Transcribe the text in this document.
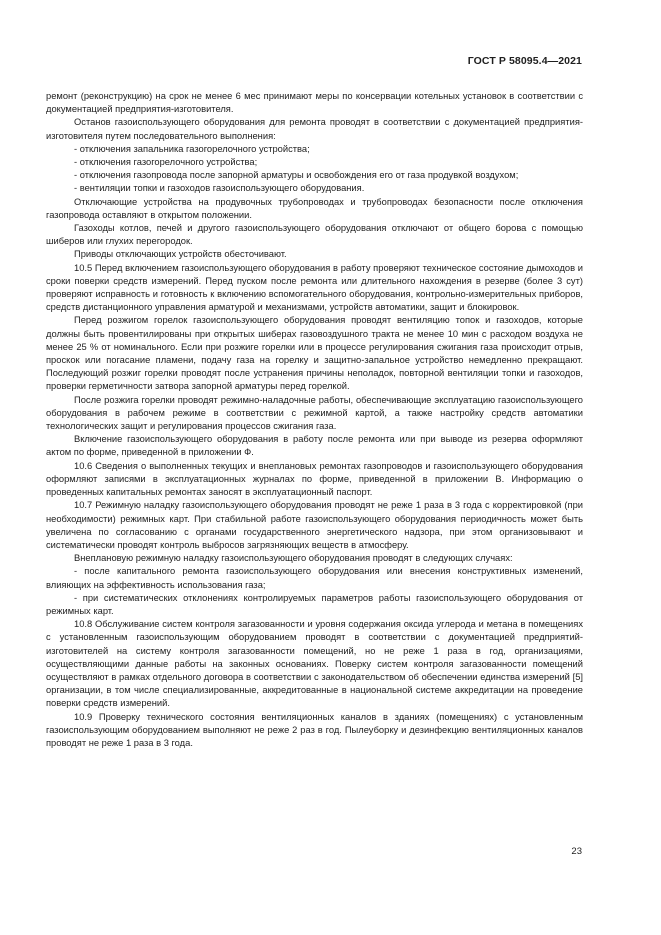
ГОСТ Р 58095.4—2021

ремонт (реконструкцию) на срок не менее 6 мес принимают меры по консервации котельных установок в соответствии с документацией предприятия-изготовителя.

Останов газоиспользующего оборудования для ремонта проводят в соответствии с документацией предприятия-изготовителя путем последовательного выполнения:

- отключения запальника газогорелочного устройства;

- отключения газогорелочного устройства;

- отключения газопровода после запорной арматуры и освобождения его от газа продувкой воздухом;

- вентиляции топки и газоходов газоиспользующего оборудования.

Отключающие устройства на продувочных трубопроводах и трубопроводах безопасности после отключения газопровода оставляют в открытом положении.

Газоходы котлов, печей и другого газоиспользующего оборудования отключают от общего борова с помощью шиберов или глухих перегородок.

Приводы отключающих устройств обесточивают.

10.5 Перед включением газоиспользующего оборудования в работу проверяют техническое состояние дымоходов и сроки поверки средств измерений. Перед пуском после ремонта или длительного нахождения в резерве (более 3 сут) проверяют исправность и готовность к включению вспомогательного оборудования, контрольно-измерительных приборов, средств дистанционного управления арматурой и механизмами, устройств автоматики, защит и блокировок.

Перед розжигом горелок газоиспользующего оборудования проводят вентиляцию топок и газоходов, которые должны быть провентилированы при открытых шиберах газовоздушного тракта не менее 10 мин с расходом воздуха не менее 25 % от номинального. Если при розжиге горелки или в процессе регулирования сжигания газа происходит отрыв, проскок или погасание пламени, подачу газа на горелку и защитно-запальное устройство немедленно прекращают. Последующий розжиг горелки проводят после устранения причины неполадок, повторной вентиляции топки и газоходов, проверки герметичности затвора запорной арматуры перед горелкой.

После розжига горелки проводят режимно-наладочные работы, обеспечивающие эксплуатацию газоиспользующего оборудования в рабочем режиме в соответствии с режимной картой, а также настройку средств автоматики технологических защит и регулирования процессов сжигания газа.

Включение газоиспользующего оборудования в работу после ремонта или при выводе из резерва оформляют актом по форме, приведенной в приложении Ф.

10.6 Сведения о выполненных текущих и внеплановых ремонтах газопроводов и газоиспользующего оборудования оформляют записями в эксплуатационных журналах по форме, приведенной в приложении В. Информацию о проведенных капитальных ремонтах заносят в эксплуатационный паспорт.

10.7 Режимную наладку газоиспользующего оборудования проводят не реже 1 раза в 3 года с корректировкой (при необходимости) режимных карт. При стабильной работе газоиспользующего оборудования периодичность может быть увеличена по согласованию с органами государственного энергетического надзора, при этом организовывают и систематически проводят контроль выбросов загрязняющих веществ в атмосферу.

Внеплановую режимную наладку газоиспользующего оборудования проводят в следующих случаях:

- после капитального ремонта газоиспользующего оборудования или внесения конструктивных изменений, влияющих на эффективность использования газа;

- при систематических отклонениях контролируемых параметров работы газоиспользующего оборудования от режимных карт.

10.8 Обслуживание систем контроля загазованности и уровня содержания оксида углерода и метана в помещениях с установленным газоиспользующим оборудованием проводят в соответствии с документацией предприятий-изготовителей на систему контроля загазованности помещений, но не реже 1 раза в год, организациями, осуществляющими данные работы на законных основаниях. Поверку систем контроля загазованности помещений осуществляют в рамках отдельного договора в соответствии с законодательством об обеспечении единства измерений [5] организации, в том числе специализированные, аккредитованные в национальной системе аккредитации на проведение поверки средств измерений.

10.9 Проверку технического состояния вентиляционных каналов в зданиях (помещениях) с установленным газоиспользующим оборудованием выполняют не реже 2 раз в год. Пылеуборку и дезинфекцию вентиляционных каналов проводят не реже 1 раза в 3 года.

23
